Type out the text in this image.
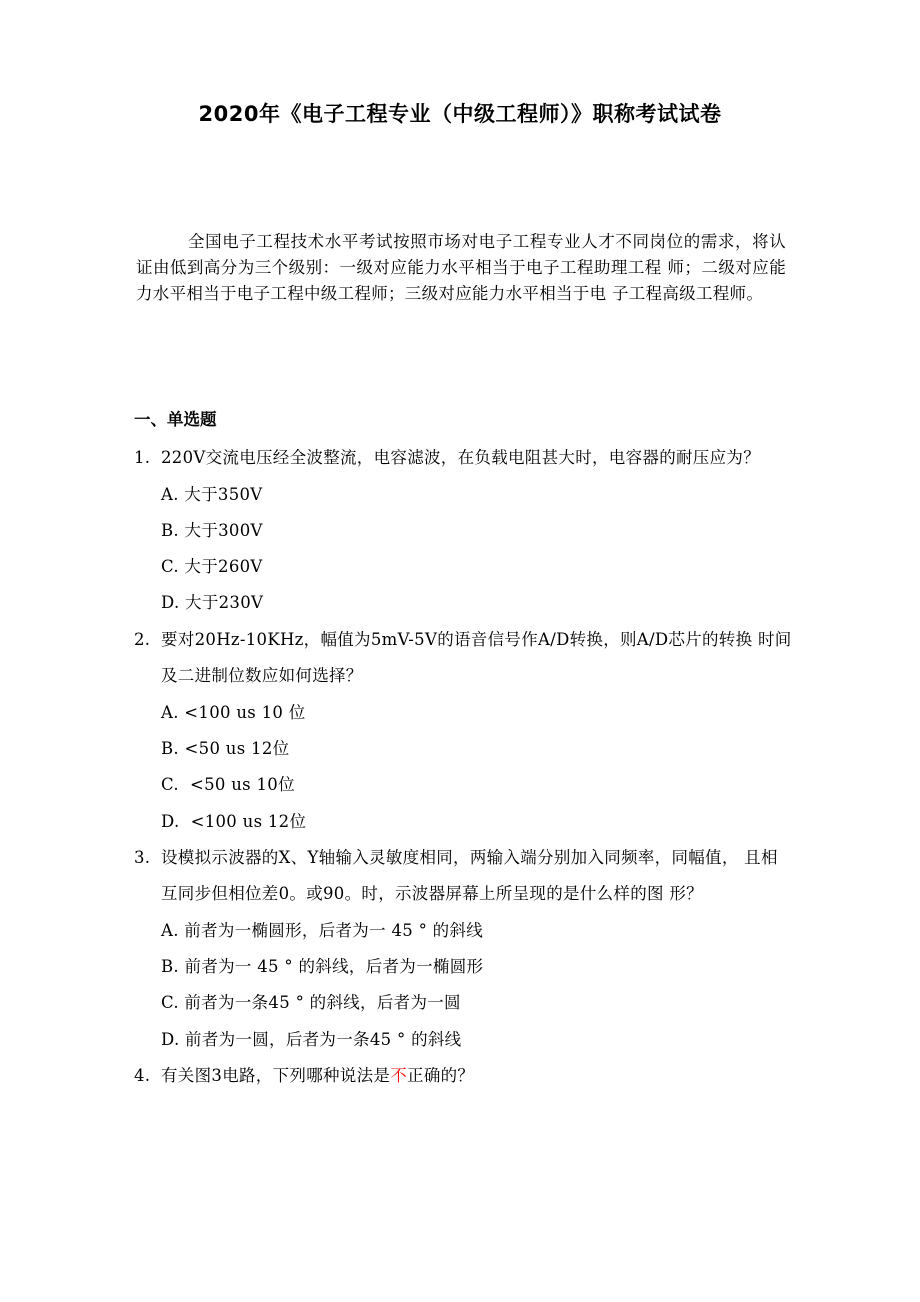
2020年《电子工程专业（中级工程师）》职称考试试卷

全国电子工程技术水平考试按照市场对电子工程专业人才不同岗位的需求，将认证由低到高分为三个级别：一级对应能力水平相当于电子工程助理工程 师；二级对应能力水平相当于电子工程中级工程师；三级对应能力水平相当于电 子工程高级工程师。

一、单选题
1. 220V交流电压经全波整流，电容滤波，在负载电阻甚大时，电容器的耐压应为？
A. 大于350V
B. 大于300V
C. 大于260V
D. 大于230V
2. 要对20Hz-10KHz，幅值为5mV-5V的语音信号作A/D转换，则A/D芯片的转换 时间及二进制位数应如何选择？
A. <100 us 10 位
B. <50 us 12位
C.  <50 us 10位
D.  <100 us 12位
3. 设模拟示波器的X、Y轴输入灵敏度相同，两输入端分别加入同频率，同幅值， 且相互同步但相位差0。或90。时，示波器屏幕上所呈现的是什么样的图 形？
A. 前者为一椭圆形，后者为一 45 ° 的斜线
B. 前者为一 45 ° 的斜线，后者为一椭圆形
C. 前者为一条45 ° 的斜线，后者为一圆
D. 前者为一圆，后者为一条45 ° 的斜线
4. 有关图3电路，下列哪种说法是不正确的？
